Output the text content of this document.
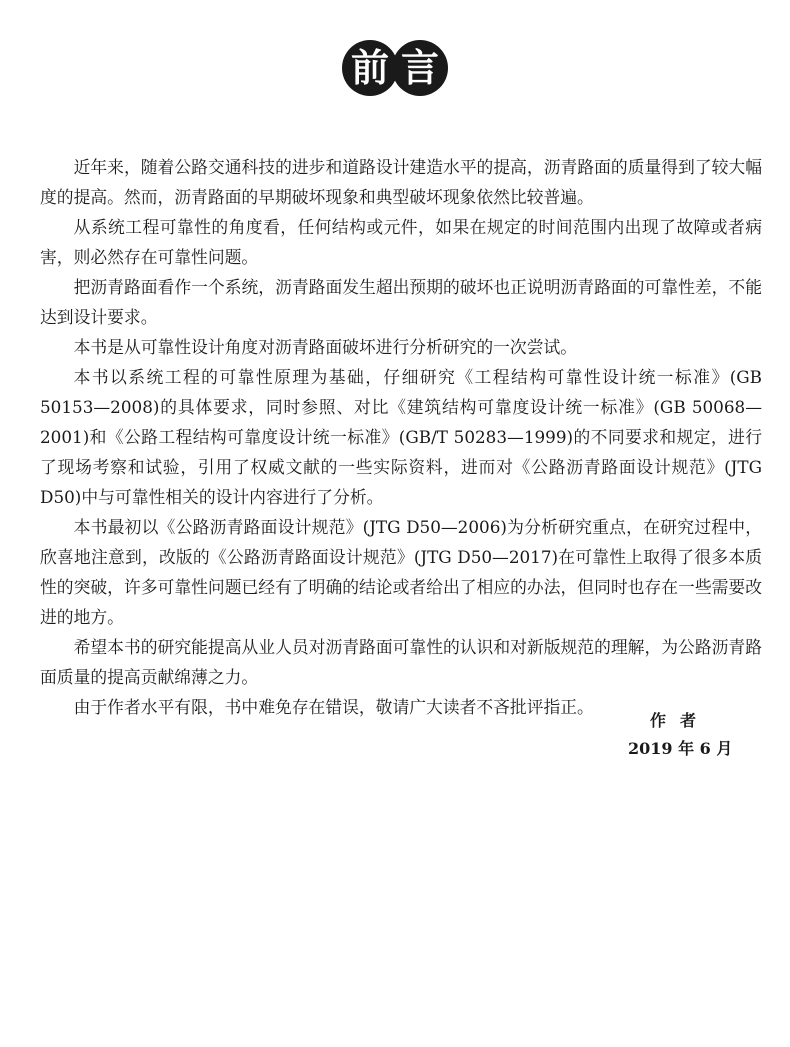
前 言

近年来，随着公路交通科技的进步和道路设计建造水平的提高，沥青路面的质量得到了较大幅度的提高。然而，沥青路面的早期破坏现象和典型破坏现象依然比较普遍。

从系统工程可靠性的角度看，任何结构或元件，如果在规定的时间范围内出现了故障或者病害，则必然存在可靠性问题。

把沥青路面看作一个系统，沥青路面发生超出预期的破坏也正说明沥青路面的可靠性差，不能达到设计要求。

本书是从可靠性设计角度对沥青路面破坏进行分析研究的一次尝试。

本书以系统工程的可靠性原理为基础，仔细研究《工程结构可靠性设计统一标准》(GB 50153—2008)的具体要求，同时参照、对比《建筑结构可靠度设计统一标准》(GB 50068—2001)和《公路工程结构可靠度设计统一标准》(GB/T 50283—1999)的不同要求和规定，进行了现场考察和试验，引用了权威文献的一些实际资料，进而对《公路沥青路面设计规范》(JTG D50)中与可靠性相关的设计内容进行了分析。

本书最初以《公路沥青路面设计规范》(JTG D50—2006)为分析研究重点，在研究过程中，欣喜地注意到，改版的《公路沥青路面设计规范》(JTG D50—2017)在可靠性上取得了很多本质性的突破，许多可靠性问题已经有了明确的结论或者给出了相应的办法，但同时也存在一些需要改进的地方。

希望本书的研究能提高从业人员对沥青路面可靠性的认识和对新版规范的理解，为公路沥青路面质量的提高贡献绵薄之力。

由于作者水平有限，书中难免存在错误，敬请广大读者不吝批评指正。

作者
2019 年 6 月
